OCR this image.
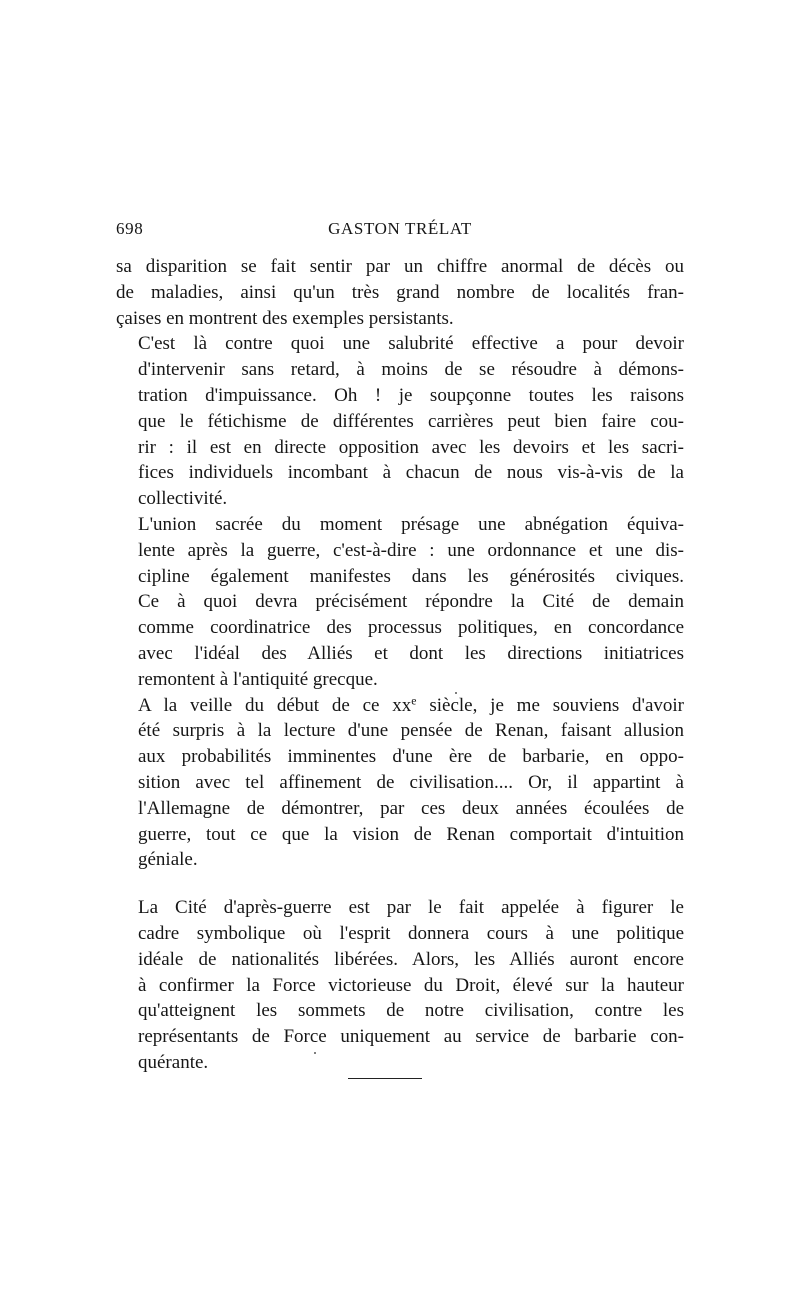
698	GASTON TRÉLAT

sa disparition se fait sentir par un chiffre anormal de décès ou
de maladies, ainsi qu'un très grand nombre de localités fran-
çaises en montrent des exemples persistants.

C'est là contre quoi une salubrité effective a pour devoir
d'intervenir sans retard, à moins de se résoudre à démons-
tration d'impuissance. Oh ! je soupçonne toutes les raisons
que le fétichisme de différentes carrières peut bien faire cou-
rir : il est en directe opposition avec les devoirs et les sacri-
fices individuels incombant à chacun de nous vis-à-vis de la
collectivité.

L'union sacrée du moment présage une abnégation équiva-
lente après la guerre, c'est-à-dire : une ordonnance et une dis-
cipline également manifestes dans les générosités civiques.
Ce à quoi devra précisément répondre la Cité de demain
comme coordinatrice des processus politiques, en concordance
avec l'idéal des Alliés et dont les directions initiatrices
remontent à l'antiquité grecque.

A la veille du début de ce $xx^e$ siècle, je me souviens d'avoir
été surpris à la lecture d'une pensée de Renan, faisant allusion
aux probabilités imminentes d'une ère de barbarie, en oppo-
sition avec tel affinement de civilisation.... Or, il appartint à
l'Allemagne de démontrer, par ces deux années écoulées de
guerre, tout ce que la vision de Renan comportait d'intuition
géniale.

La Cité d'après-guerre est par le fait appelée à figurer le
cadre symbolique où l'esprit donnera cours à une politique
idéale de nationalités libérées. Alors, les Alliés auront encore
à confirmer la Force victorieuse du Droit, élevé sur la hauteur
qu'atteignent les sommets de notre civilisation, contre les
représentants de Force uniquement au service de barbarie con-
quérante.
